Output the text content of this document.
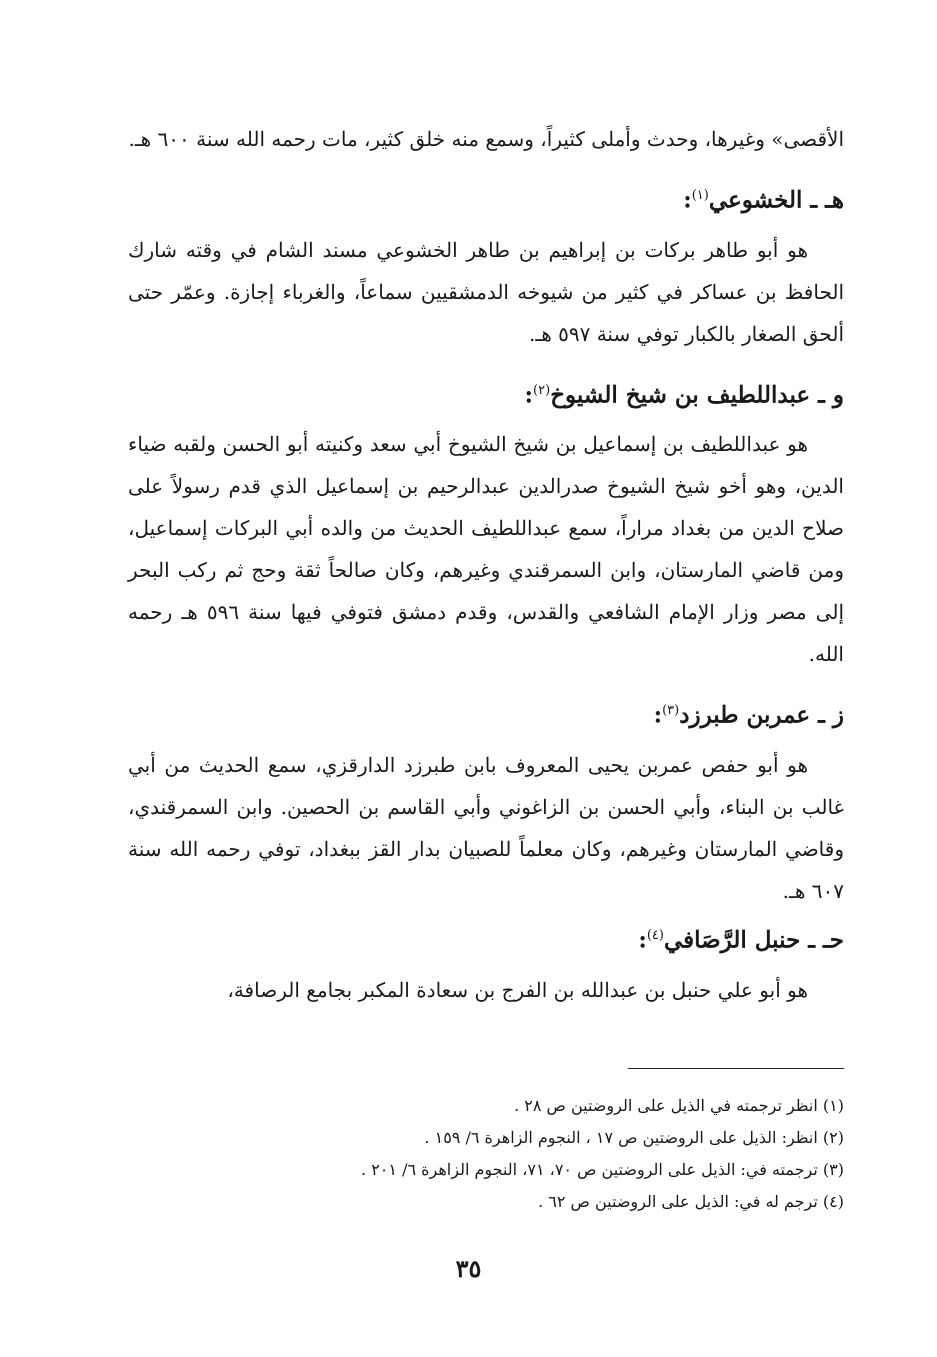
الأقصى» وغيرها، وحدث وأملى كثيراً، وسمع منه خلق كثير، مات رحمه الله سنة ٦٠٠ هـ.

هـ ـ الخشوعي$^{(١)}$:

هو أبو طاهر بركات بن إبراهيم بن طاهر الخشوعي مسند الشام في وقته شارك الحافظ بن عساكر في كثير من شيوخه الدمشقيين سماعاً، والغرباء إجازة. وعمّر حتى ألحق الصغار بالكبار توفي سنة ٥٩٧ هـ.

و ـ عبداللطيف بن شيخ الشيوخ$^{(٢)}$:

هو عبداللطيف بن إسماعيل بن شيخ الشيوخ أبي سعد وكنيته أبو الحسن ولقبه ضياء الدين، وهو أخو شيخ الشيوخ صدرالدين عبدالرحيم بن إسماعيل الذي قدم رسولاً على صلاح الدين من بغداد مراراً، سمع عبداللطيف الحديث من والده أبي البركات إسماعيل، ومن قاضي المارستان، وابن السمرقندي وغيرهم، وكان صالحاً ثقة وحج ثم ركب البحر إلى مصر وزار الإمام الشافعي والقدس، وقدم دمشق فتوفي فيها سنة ٥٩٦ هـ رحمه الله.

ز ـ عمربن طبرزد$^{(٣)}$:

هو أبو حفص عمربن يحيى المعروف بابن طبرزد الدارقزي، سمع الحديث من أبي غالب بن البناء، وأبي الحسن بن الزاغوني وأبي القاسم بن الحصين. وابن السمرقندي، وقاضي المارستان وغيرهم، وكان معلماً للصبيان بدار القز ببغداد، توفي رحمه الله سنة ٦٠٧ هـ.

حـ ـ حنبل الرَّصَافي$^{(٤)}$:

هو أبو علي حنبل بن عبدالله بن الفرج بن سعادة المكبر بجامع الرصافة،

(١) انظر ترجمته في الذيل على الروضتين ص ٢٨ .
(٢) انظر: الذيل على الروضتين ص ١٧ ، النجوم الزاهرة ٦/ ١٥٩ .
(٣) ترجمته في: الذيل على الروضتين ص ٧٠، ٧١، النجوم الزاهرة ٦/ ٢٠١ .
(٤) ترجم له في: الذيل على الروضتين ص ٦٢ .
٣٥
